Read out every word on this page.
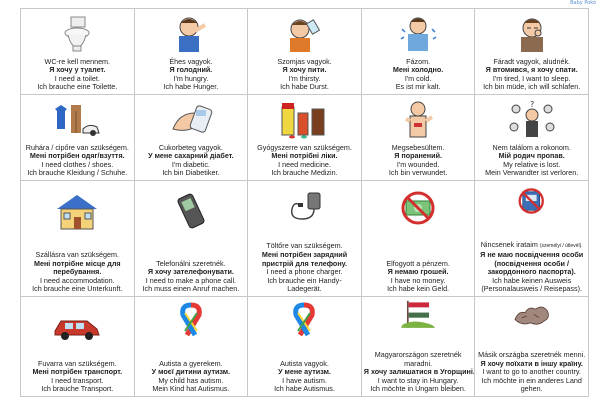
Baby Pokó
WC-re kell mennem.
Я хочу у туалет.
I need a toilet.
Ich brauche eine Toilette.
Éhes vagyok.
Я голодний.
I'm hungry.
Ich habe Hunger.
Szomjas vagyok.
Я хочу пити.
I'm thirsty.
Ich habe Durst.
Fázom.
Мені холодно.
I'm cold.
Es ist mir kalt.
Fáradt vagyok, aludnék.
Я втомився, я хочу спати.
I'm tired, I want to sleep.
Ich bin müde, ich will schlafen.
Ruhára / cipőre van szükségem.
Мені потрібен одяг/взуття.
I need clothes / shoes.
Ich brauche Kleidung / Schuhe.
Cukorbeteg vagyok.
У мене сахарний діабет.
I'm diabetic.
Ich bin Diabetiker.
Gyógyszerre van szükségem.
Мені потрібні ліки.
I need medicine.
Ich brauche Medizin.
Megsebesültem.
Я поранений.
I'm wounded.
Ich bin verwundet.
?
Nem találom a rokonom.
Мій родич пропав.
My relative is lost.
Mein Verwandter ist verloren.
Szállásra van szükségem.
Мені потрібне місце для
перебування.
I need accommodation.
Ich brauche eine Unterkunft.
Telefonálni szeretnék.
Я хочу зателефонувати.
I need to make a phone call.
Ich muss einen Anruf machen.
Töltőre van szükségem.
Мені потрібен зарядний
пристрій для телефону.
I need a phone charger.
Ich brauche ein Handy-
Ladegerät.
Elfogyott a pénzem.
Я немаю грошей.
I have no money.
Ich habe kein Geld.
Nincsenek irataim (személyi / útlevél).
Я не маю посвідчення особи
(посвідчення особи /
закордонного паспорта).
Ich habe keinen Ausweis
(Personalausweis / Reisepass).
Fuvarra van szükségem.
Мені потрібен транспорт.
I need transport.
Ich brauche Transport.
Autista a gyerekem.
У моєї дитини аутизм.
My child has autism.
Mein Kind hat Autismus.
Autista vagyok.
У мене аутизм.
I have autism.
Ich habe Autismus.
Magyarországon szeretnék
maradni.
Я хочу залишатися в Угорщині.
I want to stay in Hungary.
Ich möchte in Ungarn bleiben.
Másik országba szeretnék menni.
Я хочу поїхати в іншу країну.
I want to go to another country.
Ich möchte in ein anderes Land
gehen.
